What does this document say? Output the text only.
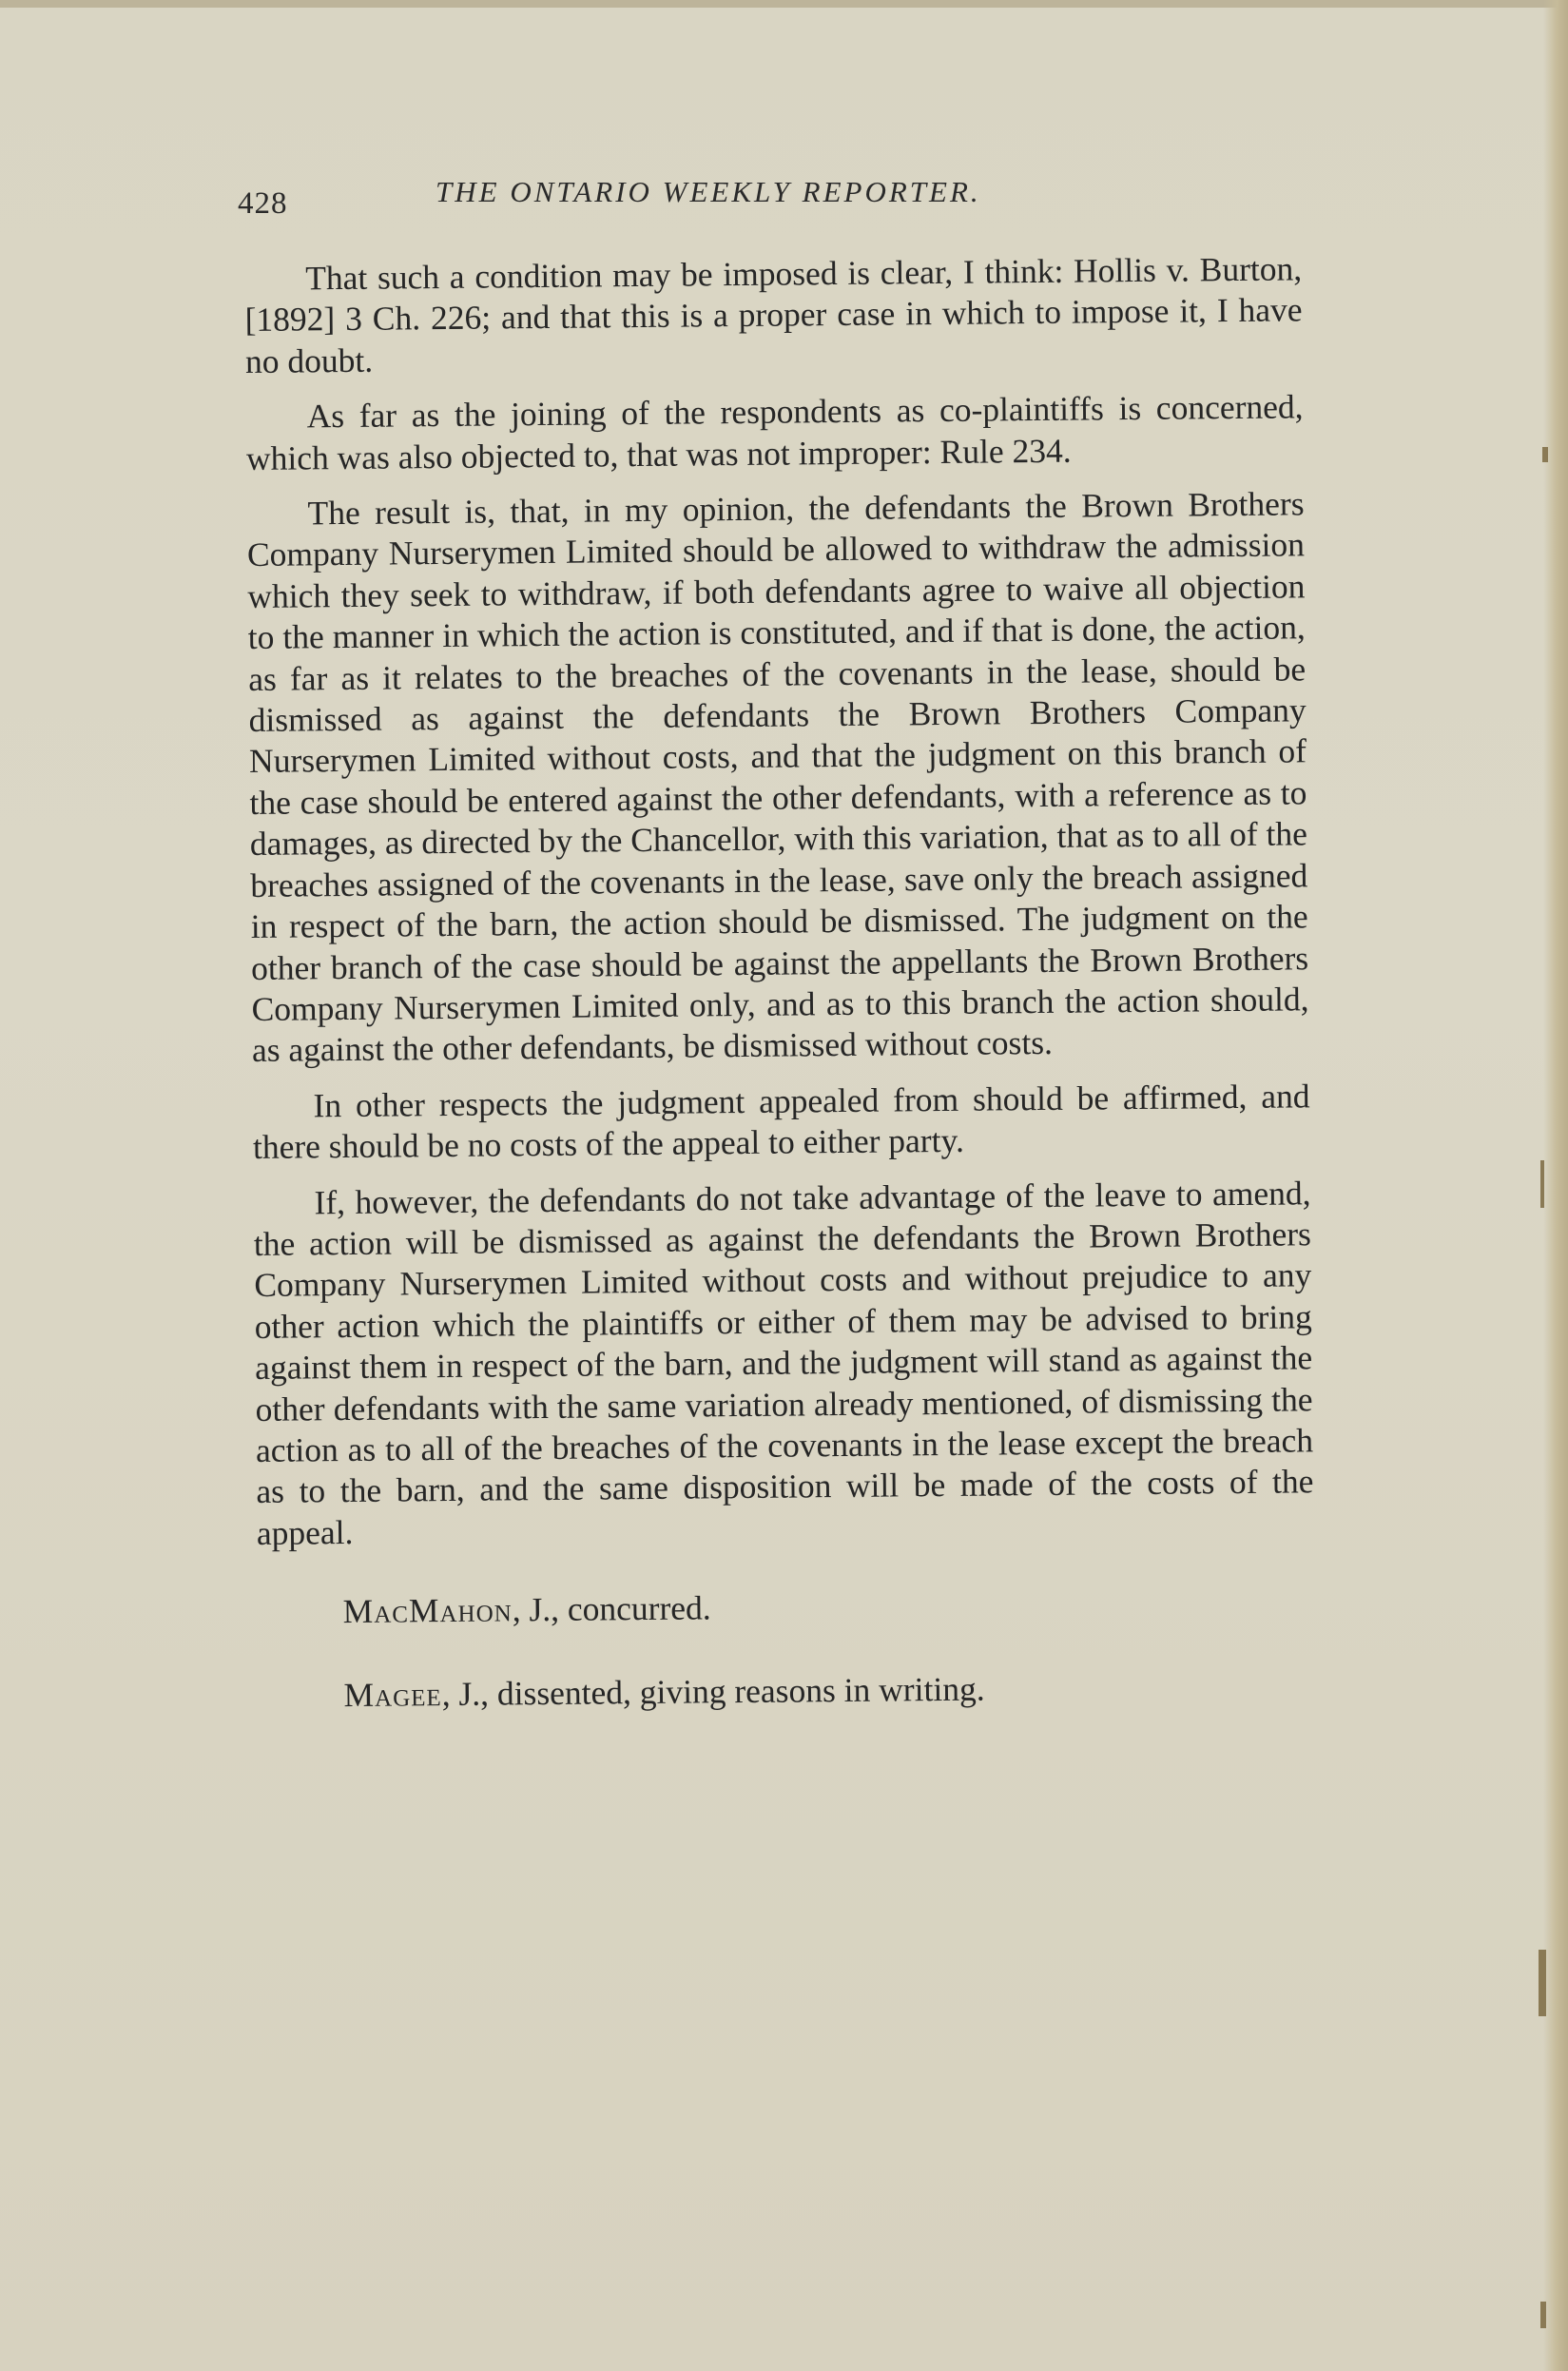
428	THE ONTARIO WEEKLY REPORTER.

That such a condition may be imposed is clear, I think: Hollis v. Burton, [1892] 3 Ch. 226; and that this is a proper case in which to impose it, I have no doubt.

As far as the joining of the respondents as co-plaintiffs is concerned, which was also objected to, that was not improper: Rule 234.

The result is, that, in my opinion, the defendants the Brown Brothers Company Nurserymen Limited should be allowed to withdraw the admission which they seek to withdraw, if both defendants agree to waive all objection to the manner in which the action is constituted, and if that is done, the action, as far as it relates to the breaches of the covenants in the lease, should be dismissed as against the defendants the Brown Brothers Company Nurserymen Limited without costs, and that the judgment on this branch of the case should be entered against the other defendants, with a reference as to damages, as directed by the Chancellor, with this variation, that as to all of the breaches assigned of the covenants in the lease, save only the breach assigned in respect of the barn, the action should be dismissed. The judgment on the other branch of the case should be against the appellants the Brown Brothers Company Nurserymen Limited only, and as to this branch the action should, as against the other defendants, be dismissed without costs.

In other respects the judgment appealed from should be affirmed, and there should be no costs of the appeal to either party.

If, however, the defendants do not take advantage of the leave to amend, the action will be dismissed as against the defendants the Brown Brothers Company Nurserymen Limited without costs and without prejudice to any other action which the plaintiffs or either of them may be advised to bring against them in respect of the barn, and the judgment will stand as against the other defendants with the same variation already mentioned, of dismissing the action as to all of the breaches of the covenants in the lease except the breach as to the barn, and the same disposition will be made of the costs of the appeal.

MacMahon, J., concurred.

Magee, J., dissented, giving reasons in writing.
